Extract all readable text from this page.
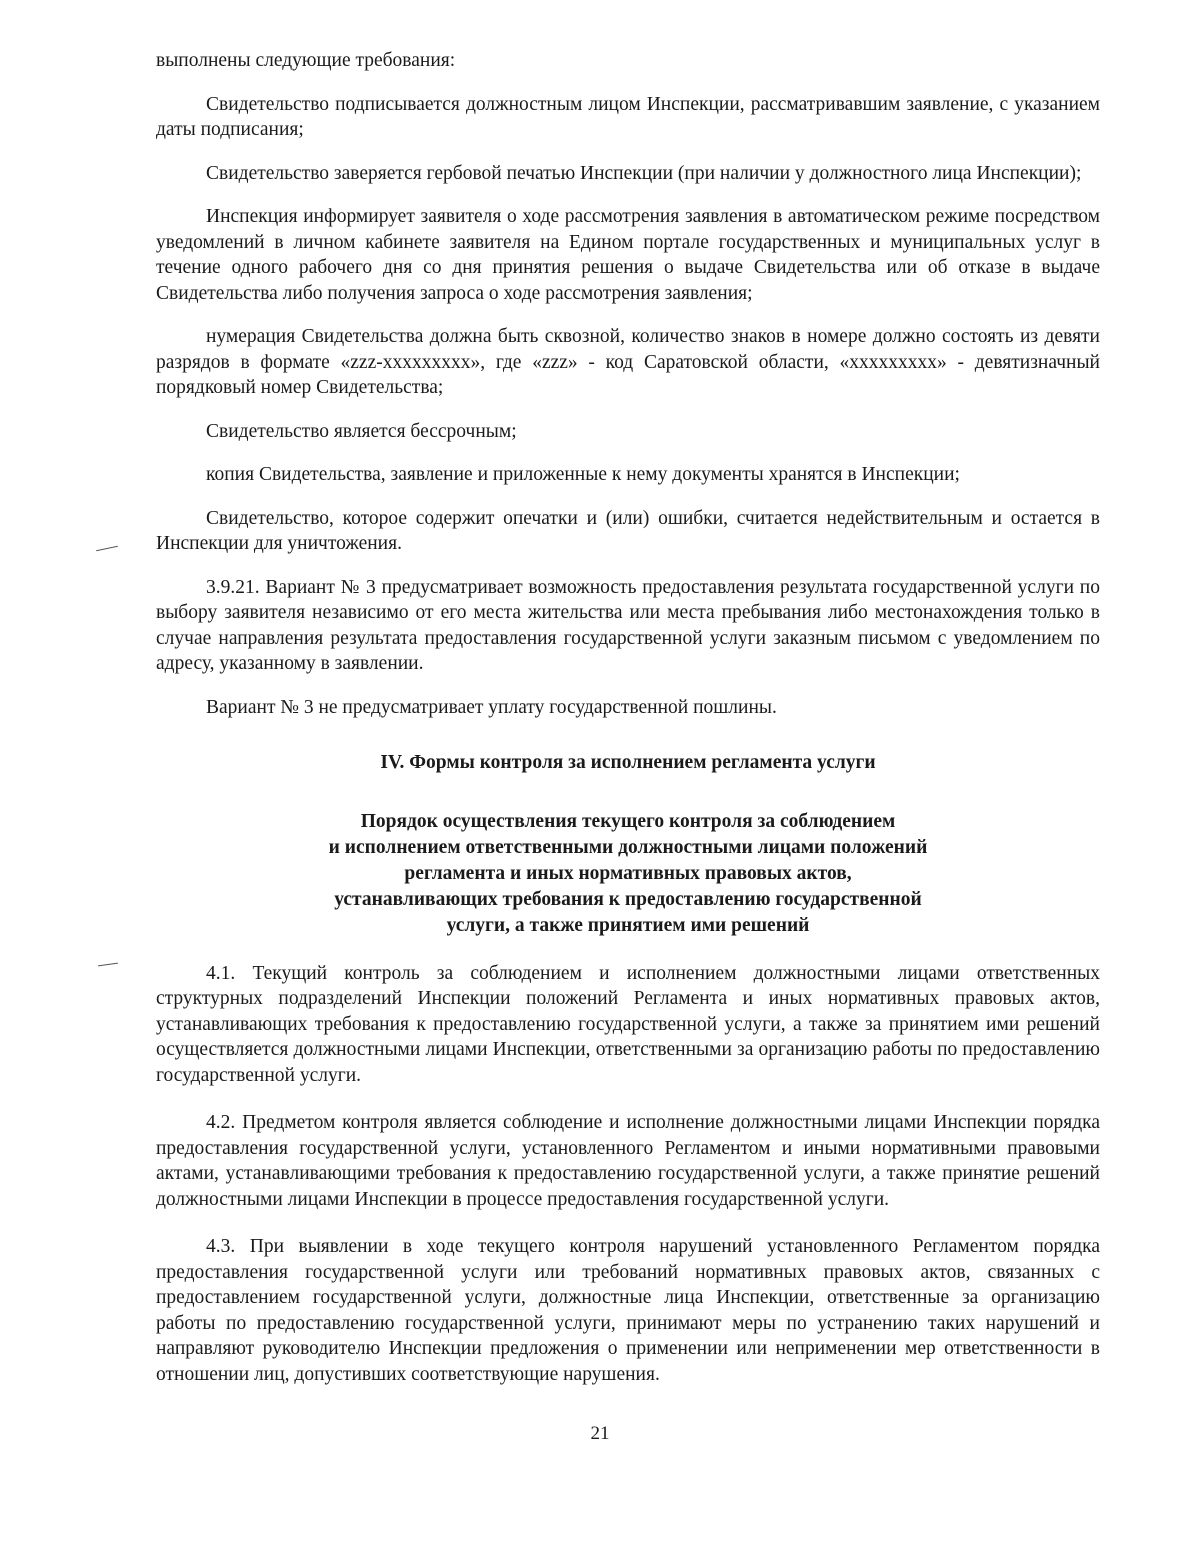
выполнены следующие требования:

Свидетельство подписывается должностным лицом Инспекции, рассматривавшим заявление, с указанием даты подписания;

Свидетельство заверяется гербовой печатью Инспекции (при наличии у должностного лица Инспекции);

Инспекция информирует заявителя о ходе рассмотрения заявления в автоматическом режиме посредством уведомлений в личном кабинете заявителя на Едином портале государственных и муниципальных услуг в течение одного рабочего дня со дня принятия решения о выдаче Свидетельства или об отказе в выдаче Свидетельства либо получения запроса о ходе рассмотрения заявления;

нумерация Свидетельства должна быть сквозной, количество знаков в номере должно состоять из девяти разрядов в формате «zzz-xxxxxxxxx», где «zzz» - код Саратовской области, «xxxxxxxxx» - девятизначный порядковый номер Свидетельства;

Свидетельство является бессрочным;

копия Свидетельства, заявление и приложенные к нему документы хранятся в Инспекции;

Свидетельство, которое содержит опечатки и (или) ошибки, считается недействительным и остается в Инспекции для уничтожения.

3.9.21. Вариант № 3 предусматривает возможность предоставления результата государственной услуги по выбору заявителя независимо от его места жительства или места пребывания либо местонахождения только в случае направления результата предоставления государственной услуги заказным письмом с уведомлением по адресу, указанному в заявлении.

Вариант № 3 не предусматривает уплату государственной пошлины.

IV. Формы контроля за исполнением регламента услуги

Порядок осуществления текущего контроля за соблюдением
и исполнением ответственными должностными лицами положений
регламента и иных нормативных правовых актов,
устанавливающих требования к предоставлению государственной
услуги, а также принятием ими решений

4.1. Текущий контроль за соблюдением и исполнением должностными лицами ответственных структурных подразделений Инспекции положений Регламента и иных нормативных правовых актов, устанавливающих требования к предоставлению государственной услуги, а также за принятием ими решений осуществляется должностными лицами Инспекции, ответственными за организацию работы по предоставлению государственной услуги.

4.2. Предметом контроля является соблюдение и исполнение должностными лицами Инспекции порядка предоставления государственной услуги, установленного Регламентом и иными нормативными правовыми актами, устанавливающими требования к предоставлению государственной услуги, а также принятие решений должностными лицами Инспекции в процессе предоставления государственной услуги.

4.3. При выявлении в ходе текущего контроля нарушений установленного Регламентом порядка предоставления государственной услуги или требований нормативных правовых актов, связанных с предоставлением государственной услуги, должностные лица Инспекции, ответственные за организацию работы по предоставлению государственной услуги, принимают меры по устранению таких нарушений и направляют руководителю Инспекции предложения о применении или неприменении мер ответственности в отношении лиц, допустивших соответствующие нарушения.

21
